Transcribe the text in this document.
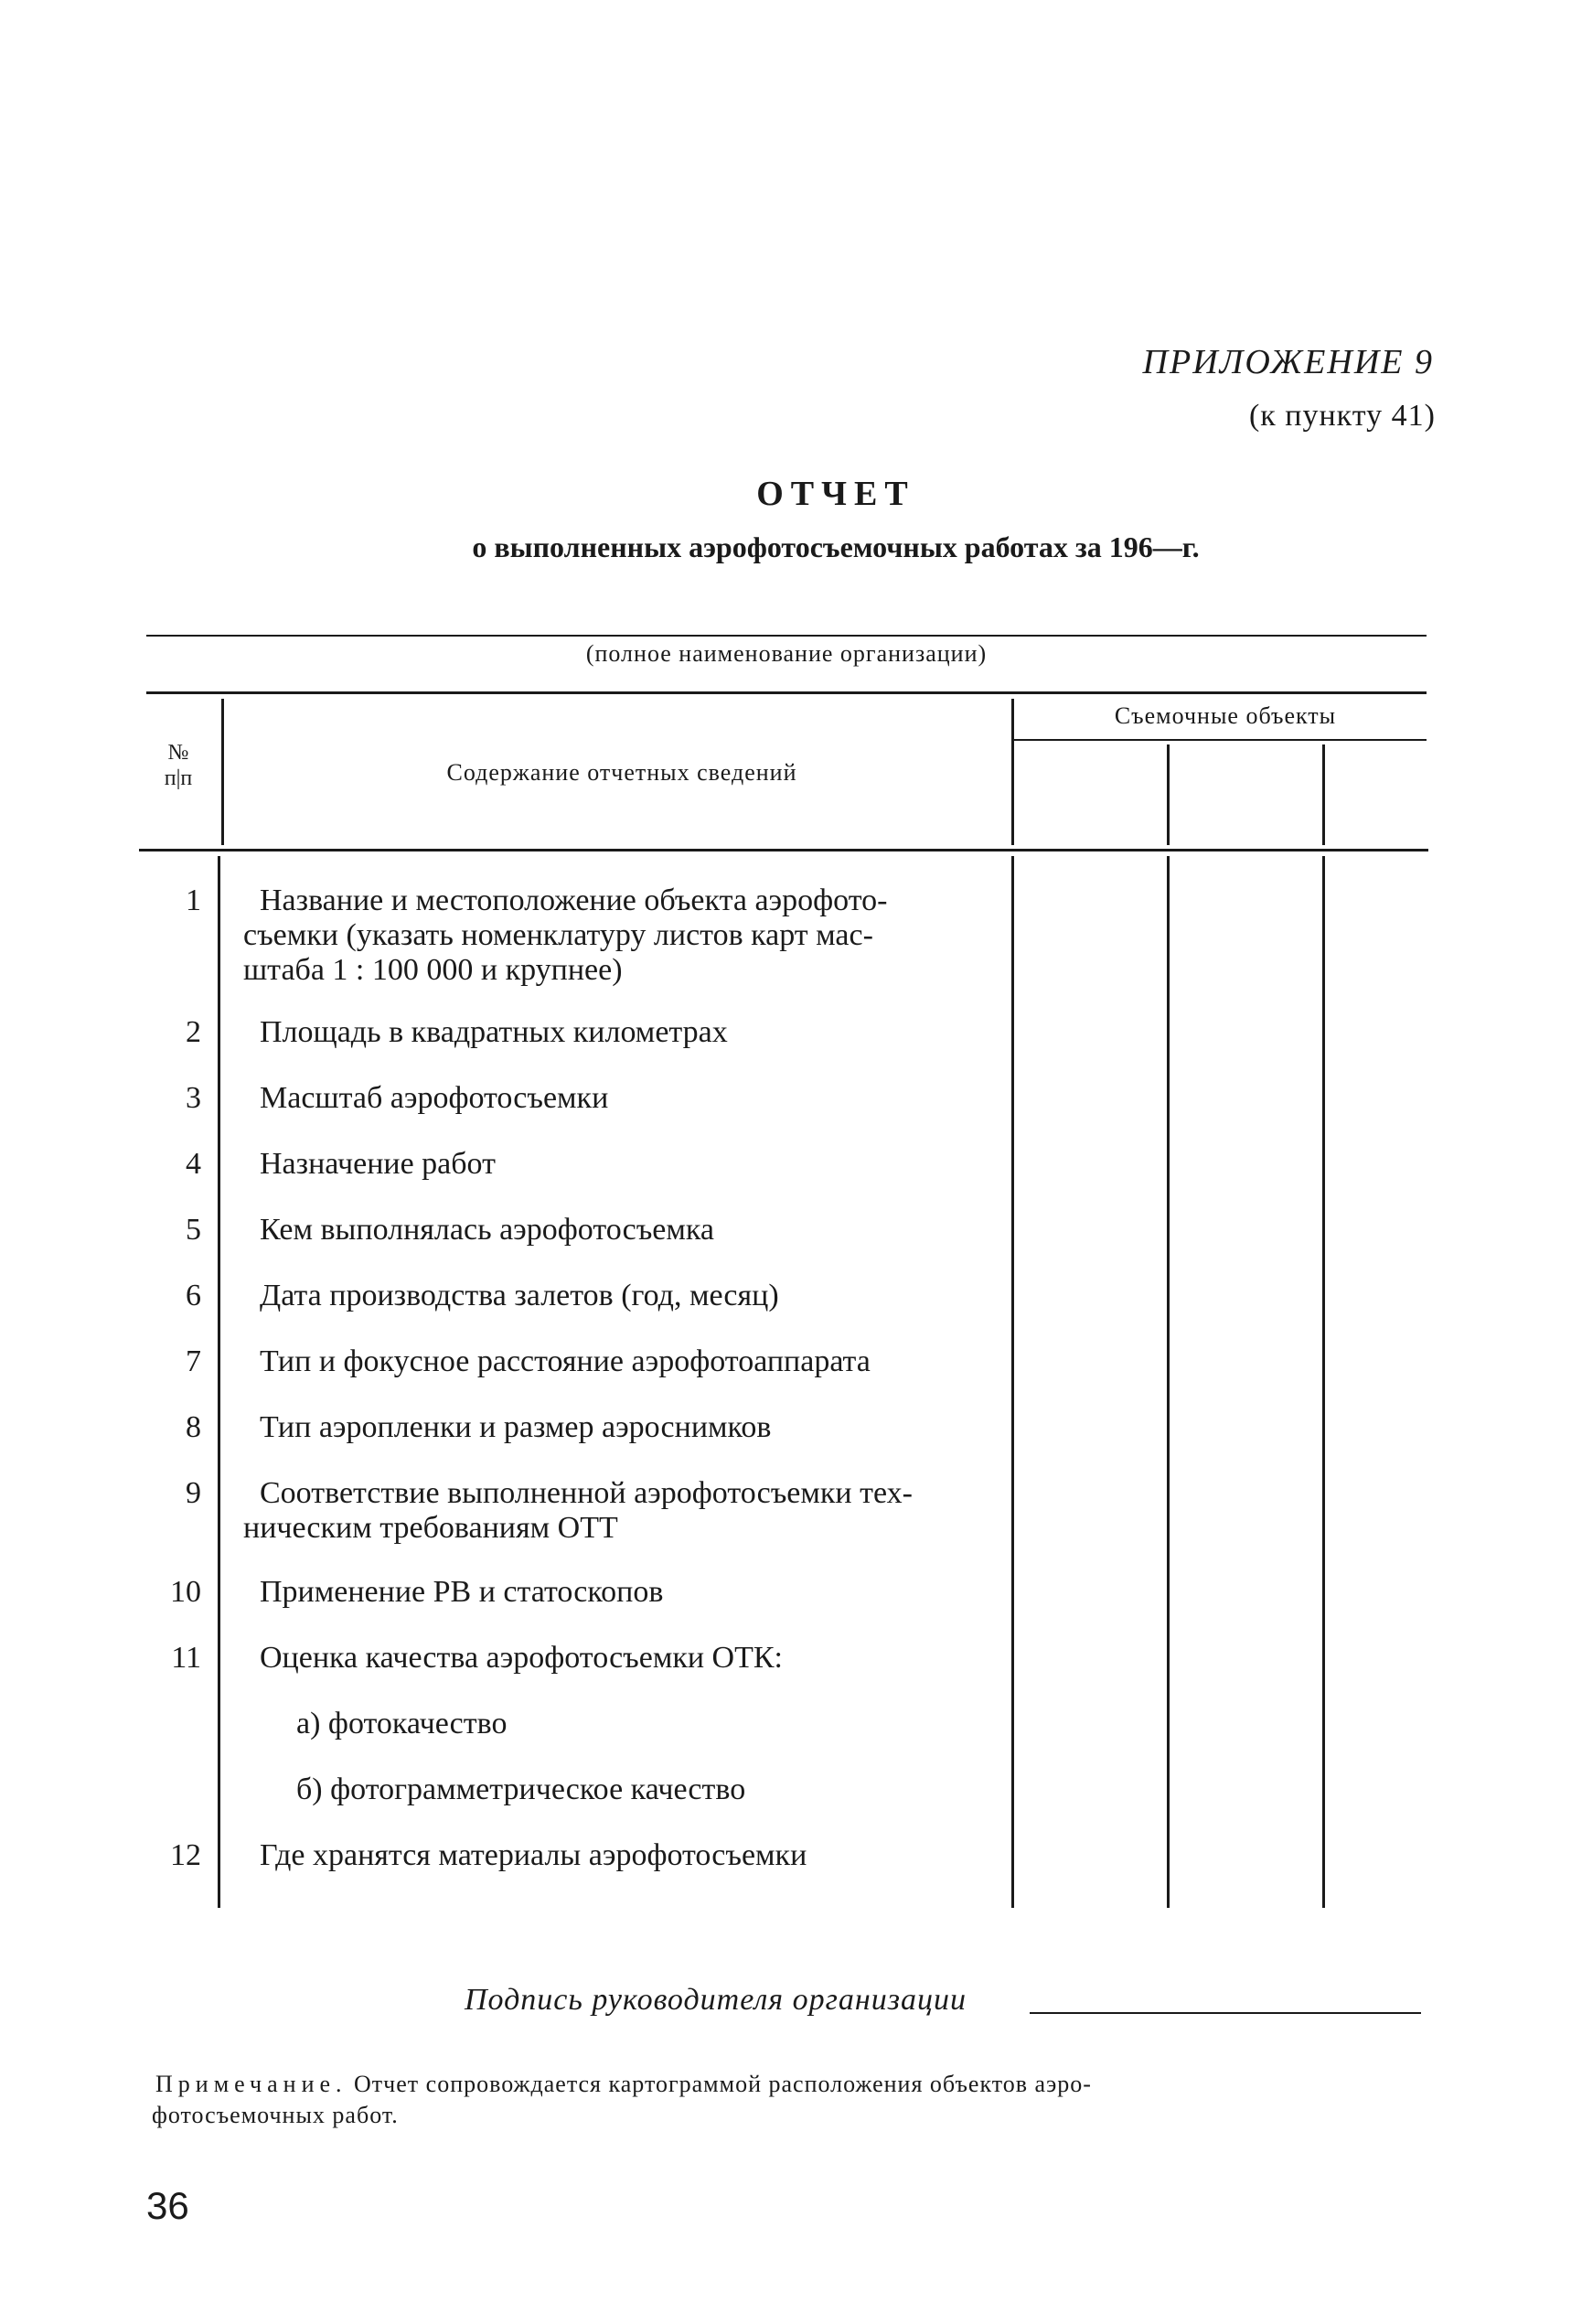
ПРИЛОЖЕНИЕ 9
(к пункту 41)
ОТЧЕТ
о выполненных аэрофотосъемочных работах за 196—г.
(полное наименование организации)
№
п|п	Содержание отчетных сведений
Съемочные объекты
1 Название и местоположение объекта аэрофото-
съемки (указать номенклатуру листов карт мас-
штаба 1 : 100 000 и крупнее)
2 Площадь в квадратных километрах
3 Масштаб аэрофотосъемки
4 Назначение работ
5 Кем выполнялась аэрофотосъемка
6 Дата производства залетов (год, месяц)
7 Тип и фокусное расстояние аэрофотоаппарата
8 Тип аэропленки и размер аэроснимков
9 Соответствие выполненной аэрофотосъемки тех-
ническим требованиям ОТТ
10 Применение РВ и статоскопов
11 Оценка качества аэрофотосъемки ОТК:
а) фотокачество
б) фотограмметрическое качество
12 Где хранятся материалы аэрофотосъемки
Подпись руководителя организации
Примечание. Отчет сопровождается картограммой расположения объектов аэро-
фотосъемочных работ.
36
